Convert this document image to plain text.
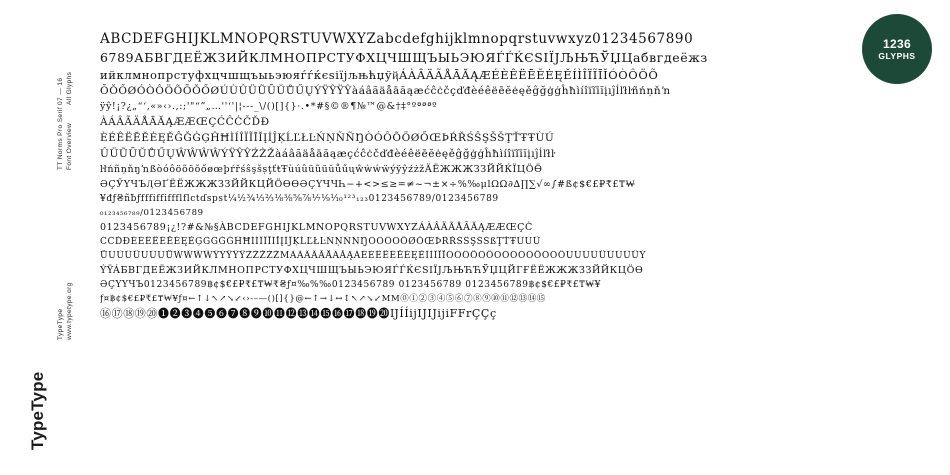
TypeType
TypeType www.typetype.org
TT Norms Pro Serif Font Overview
07 — 16 All Glyphs
1236
GLYPHS
ABCDEFGHIJKLMNOPQRSTUVWXYZabcdefghijklmnopqrstuvwxyz01234567890
6789АБВГДЕЁЖЗИЙКЛМНОПРСТУФХЦЧШЩЪЫЬЭЮЯЃЃЌЄSІЇЈЉЊЋЎЏЦабвгдеёжз
ийклмнопрстуфхцчшщъыьэюяѓѓќєsіїјљњћџўҋÁÀÂÄÃÅĀĂĄÆÉÈÊËĒĔĖĘĚÍÌÎÏĨĪĬÓÒÔÖÕ
ŌŎŐØÓÒÔÖÕŌŎŐØÚÙÛÜŨŪŬŮŰŲÝŸŶŸŶàáâãäåāăąæćĉċčçďđèéêëēĕėęěĝğġģĥħìíîïĩīĭįıĵĺľłŀñńņňŉ
ÿŷ!¡?¿„“‘‚«»‹›.,:;'"“”„…''‘'|¦---_\/()[]{}·.•*#§©®¶№™@&†‡°ºªªªº
ÀÁÂÃÄÅĀĂĄÆÆŒÇĆĈĊČĎĐ
ÈÉÊËĒĔĖĘĚĜĞĠĢĤĦÌÍÎÏĨĪĬĮİĴĶĹĽŁĿŃŅŇÑŊÒÓÔÕÖØŐŒÞŔŘŚŜŞŠŠŢŤŦŦÙÚ
ÛÜŨŪŬŮŰŲŴŴŴŴÝŸŶŶŹŻŽàáâãäåāăąæçćĉċčďđèéêëēĕėęěĝğġģĥħìíîïĩīĭįıĵĺľłŀ
ŀłńñņňŋŉßòóôöõōŏőøœþŕřśŝşšșţťŧŦùúûüũūŭůűųŵẁẃẅýÿŷźżžÄЁЖЖЖЗЗЙЙЌЇЦӦӪ
ӘҪӲҮЧЪӅӘҐЁЁЖЖЖЗЗЙЙКЦЙӦӨӨӘҪҮЧЧҺ−+<>≤≥=≠~¬±×÷%‰μlΩΩ∂∆∏∑√∞∫#ß¢$€£₽₹£₸₩
¥đƒ₴ñƀƒfffiffiffflflctɗspst¼½¾⅓⅔⅛⅜⅝⅞⅐⅑⅒¹²³₁₂₃0123456789/0123456789
₀₁₂₃₄₅₆₇₈₉/0123456789
0123456789¡¿!?#&№§ÀBCDEFGHIJKLMNOPQRSTUVWXYZÁÀÂÄÃÅĀĂĄÆÆŒÇĊ
ĆČĎĐÈÉÊËĒĔĖĘĚĢĜĞĠĠĤĦÌÍÎÏĨĪĬĮİĴĶĹĽŁĿŃŅŇÑŊÒÓÔÕÖØŐŒÞŔŘŚŜŞŠŠßŢŤŦÙÚŰ
ŮÚÙÛÜŨŪŬŮŴŴŴŴŶÝŸŶŶŹŻŽŹŹMÀÁÂÄÃÅĀĂĄÁÉÈÊËĒĔĖĘĚÍÌÎÏĨÓÒÔÖÕŐŎÓÒÓÔÖÕÕŐŬÙÚÛÜÙÚÛÜÝ
ÝŸÁБВГДЕЁЖЗИЙКЛМНОПРСТУФХЦЧШЩЪЫЬЭЮЯЃЃЌЄSІЇЈЉЊЋЋЎЏЦЙГҒЁЁЖЖЖЗЗЙЙКЦӦӨ
ӘҪҮҮЧЪ0123456789฿¢$€£₽₹£₸₩₹₴ƒ¤‰%‰0123456789 0123456789 0123456789฿¢$€£₽₹£₸₩¥
ƒ¤฿¢$€£₽₹£₸₩¥ƒ¤←↑↓↖↗↘↙‹›‐–—()[]{}@←↑→↓↔↕↖↗↘↙ММ⓪①②③④⑤⑥⑦⑧⑨⑩⑪⑫⑬⑭⑮
⑯⑰⑱⑲⑳❶❷❸❹❺❻❼❽❾❿⓫⓬⓭⓮⓯⓰⓱⓲⓳⓴ĲÍÍijIJIJijiFFrÇÇç
